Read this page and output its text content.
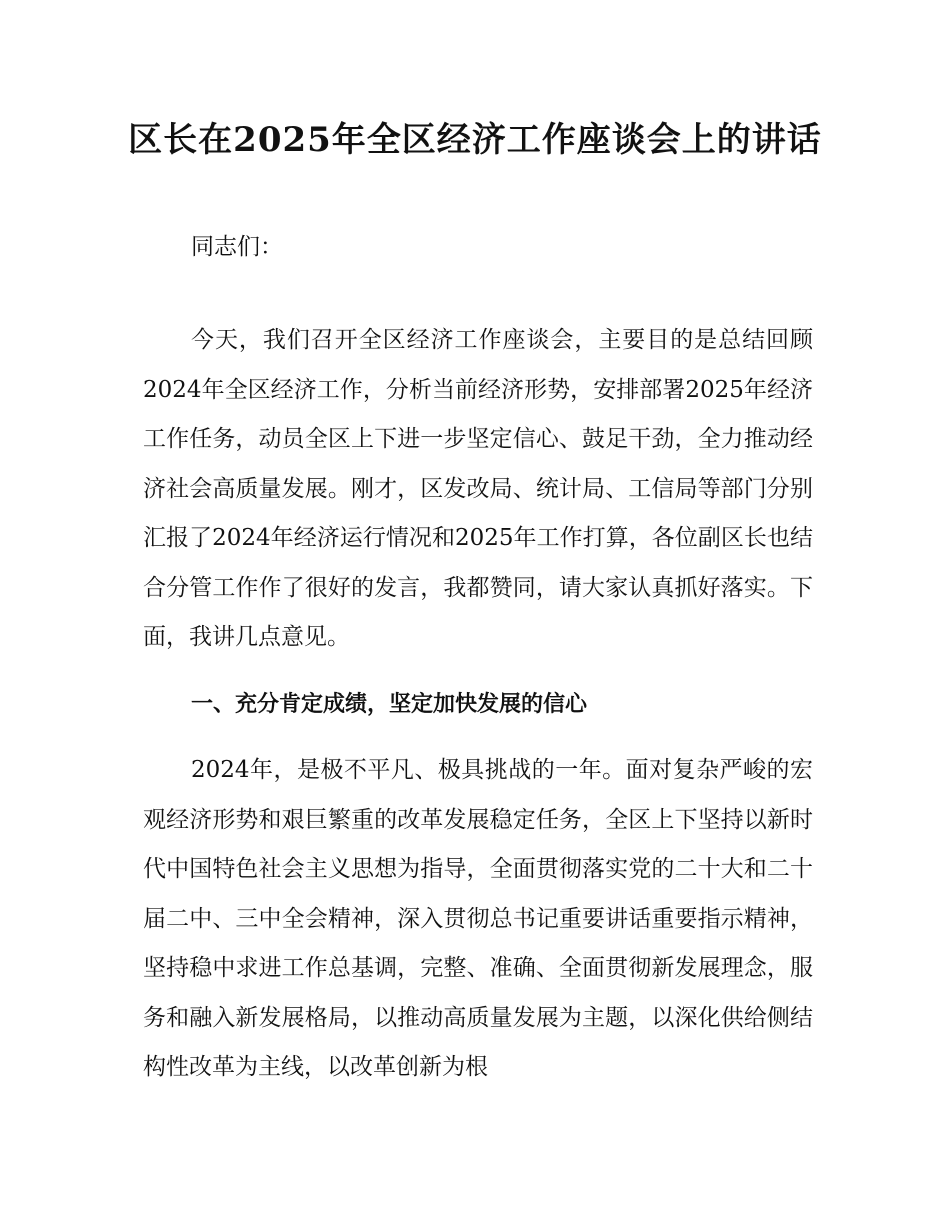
区长在2025年全区经济工作座谈会上的讲话

同志们：

今天，我们召开全区经济工作座谈会，主要目的是总结回顾2024年全区经济工作，分析当前经济形势，安排部署2025年经济工作任务，动员全区上下进一步坚定信心、鼓足干劲，全力推动经济社会高质量发展。刚才，区发改局、统计局、工信局等部门分别汇报了2024年经济运行情况和2025年工作打算，各位副区长也结合分管工作作了很好的发言，我都赞同，请大家认真抓好落实。下面，我讲几点意见。

一、充分肯定成绩，坚定加快发展的信心

2024年，是极不平凡、极具挑战的一年。面对复杂严峻的宏观经济形势和艰巨繁重的改革发展稳定任务，全区上下坚持以新时代中国特色社会主义思想为指导，全面贯彻落实党的二十大和二十届二中、三中全会精神，深入贯彻总书记重要讲话重要指示精神，坚持稳中求进工作总基调，完整、准确、全面贯彻新发展理念，服务和融入新发展格局，以推动高质量发展为主题，以深化供给侧结构性改革为主线，以改革创新为根
